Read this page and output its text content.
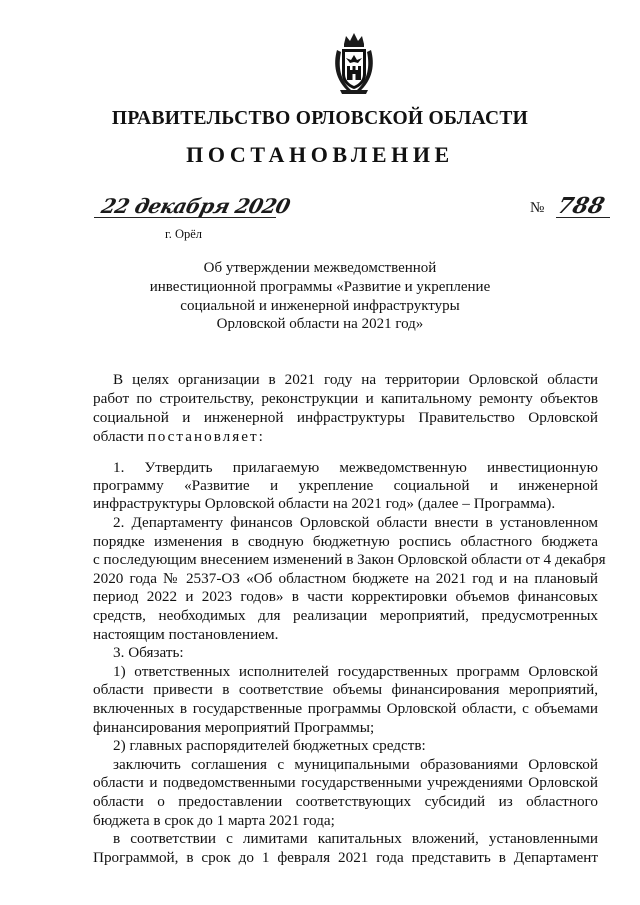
ПРАВИТЕЛЬСТВО ОРЛОВСКОЙ ОБЛАСТИ
ПОСТАНОВЛЕНИЕ
22 декабря 2020
г. Орёл
№ 788
Об утверждении межведомственной
инвестиционной программы «Развитие и укрепление
социальной и инженерной инфраструктуры
Орловской области на 2021 год»
В целях организации в 2021 году на территории Орловской области
работ по строительству, реконструкции и капитальному ремонту объектов
социальной и инженерной инфраструктуры Правительство Орловской
области постановляет:
1. Утвердить прилагаемую межведомственную инвестиционную
программу «Развитие и укрепление социальной и инженерной
инфраструктуры Орловской области на 2021 год» (далее – Программа).
2. Департаменту финансов Орловской области внести в установленном
порядке изменения в сводную бюджетную роспись областного бюджета
с последующим внесением изменений в Закон Орловской области от 4 декабря
2020 года № 2537-ОЗ «Об областном бюджете на 2021 год и на плановый
период 2022 и 2023 годов» в части корректировки объемов финансовых
средств, необходимых для реализации мероприятий, предусмотренных
настоящим постановлением.
3. Обязать:
1) ответственных исполнителей государственных программ Орловской
области привести в соответствие объемы финансирования мероприятий,
включенных в государственные программы Орловской области, с объемами
финансирования мероприятий Программы;
2) главных распорядителей бюджетных средств:
заключить соглашения с муниципальными образованиями Орловской
области и подведомственными государственными учреждениями Орловской
области о предоставлении соответствующих субсидий из областного
бюджета в срок до 1 марта 2021 года;
в соответствии с лимитами капитальных вложений, установленными
Программой, в срок до 1 февраля 2021 года представить в Департамент
